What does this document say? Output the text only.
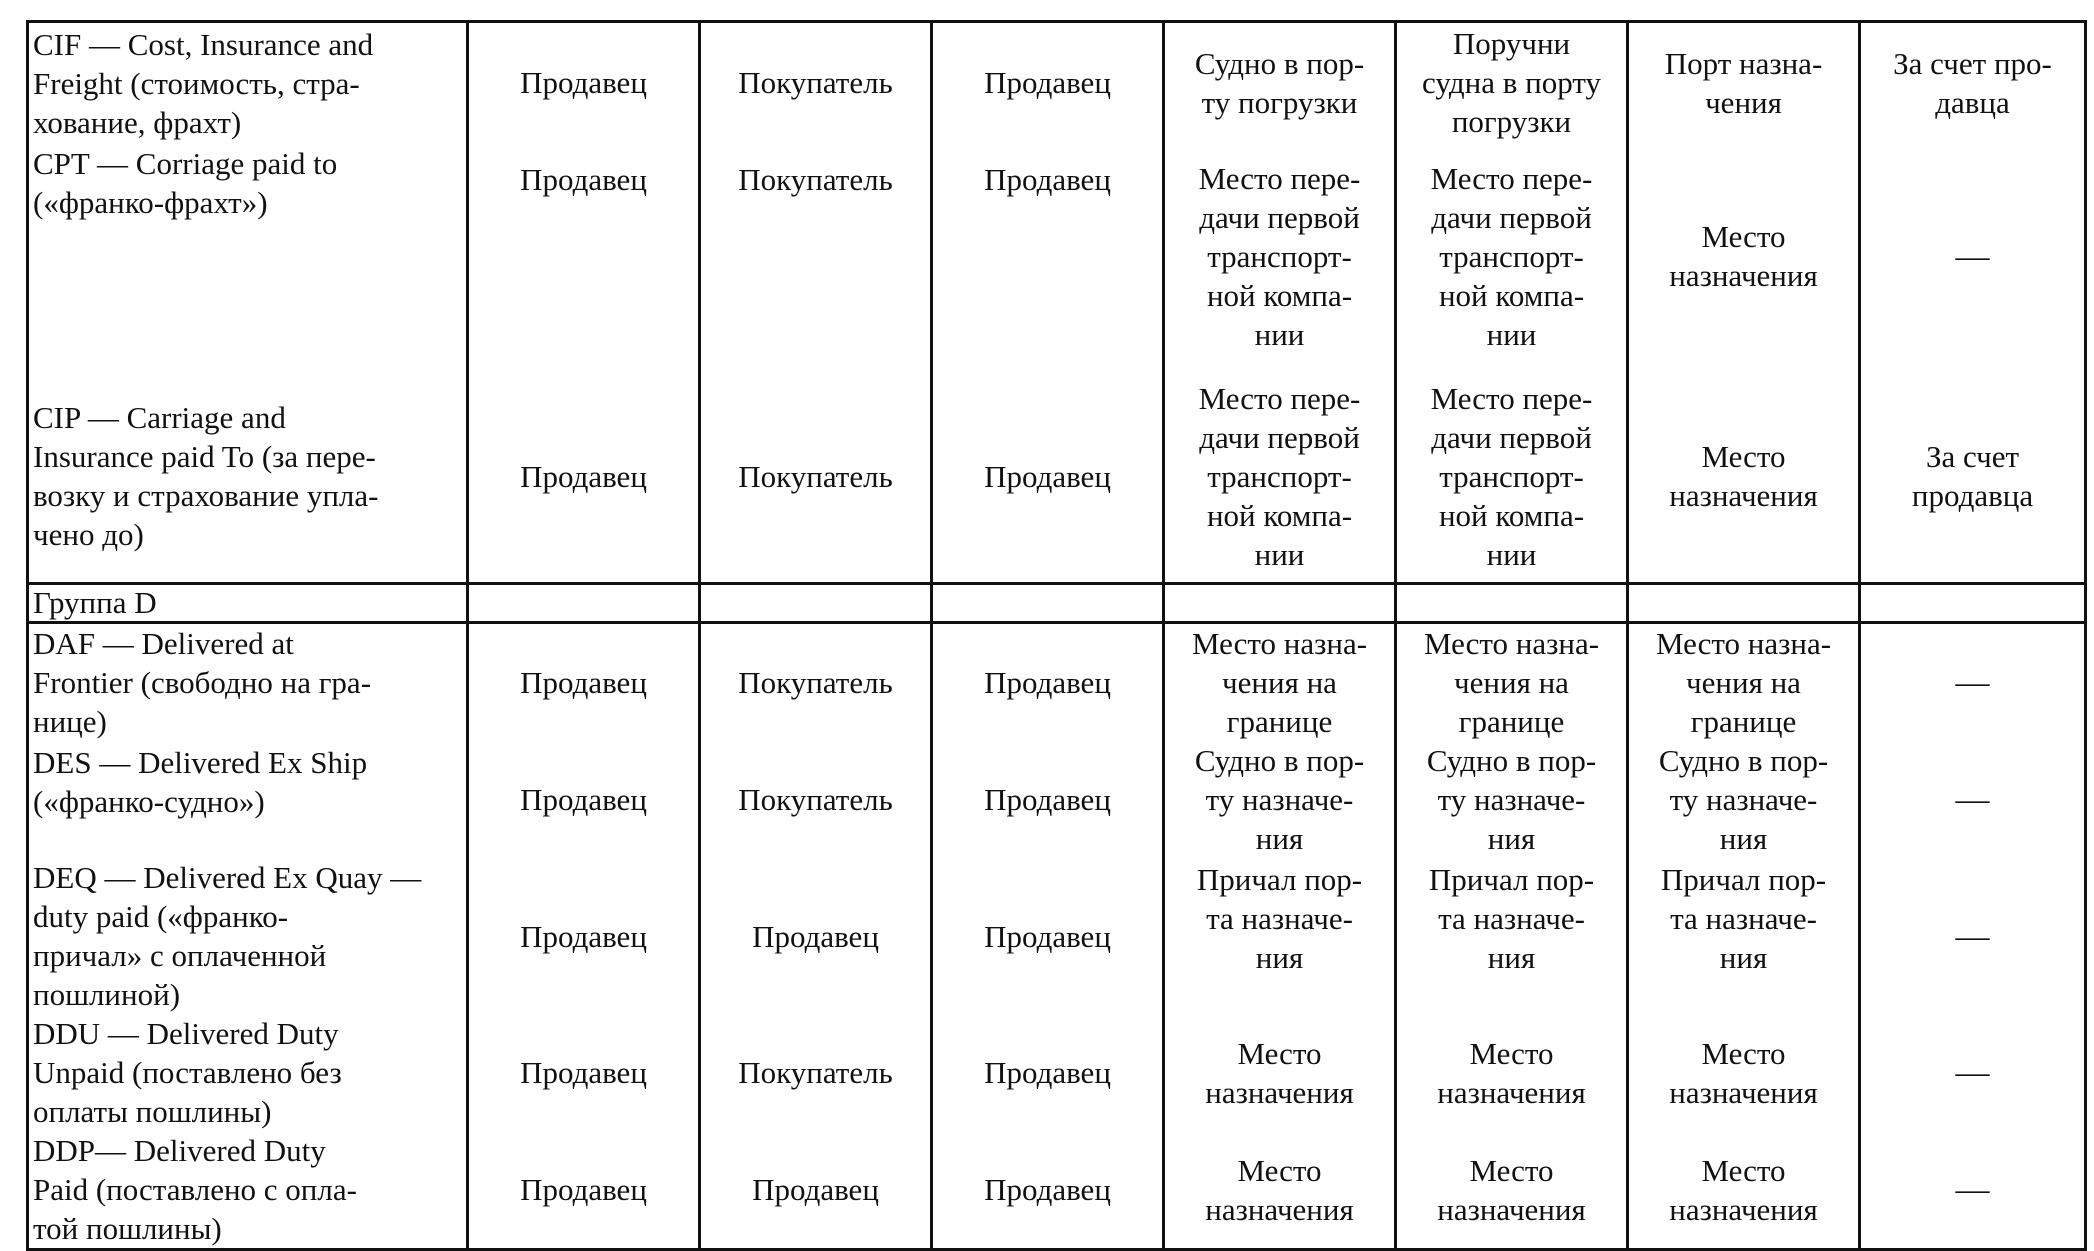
CIF — Cost, Insurance and
Freight (стоимость, стра-
хование, фрахт)	Продавец	Покупатель	Продавец	Судно в пор-
ту погрузки	Поручни
судна в порту
погрузки	Порт назна-
чения	За счет про-
давца
CPT — Corriage paid to
(«франко-фрахт»)	Продавец	Покупатель	Продавец	Место пере-
дачи первой
транспорт-
ной компа-
нии	Место пере-
дачи первой
транспорт-
ной компа-
нии	Место
назначения	—
CIP — Carriage and
Insurance paid To (за пере-
возку и страхование упла-
чено до)	Продавец	Покупатель	Продавец	Место пере-
дачи первой
транспорт-
ной компа-
нии	Место пере-
дачи первой
транспорт-
ной компа-
нии	Место
назначения	За счет
продавца
Группа D							
DAF — Delivered at
Frontier (свободно на гра-
нице)	Продавец	Покупатель	Продавец	Место назна-
чения на
границе	Место назна-
чения на
границе	Место назна-
чения на
границе	—
DES — Delivered Ex Ship
(«франко-судно»)	Продавец	Покупатель	Продавец	Судно в пор-
ту назначе-
ния	Судно в пор-
ту назначе-
ния	Судно в пор-
ту назначе-
ния	—
DEQ — Delivered Ex Quay —
duty paid («франко-
причал» с оплаченной
пошлиной)	Продавец	Продавец	Продавец	Причал пор-
та назначе-
ния	Причал пор-
та назначе-
ния	Причал пор-
та назначе-
ния	—
DDU — Delivered Duty
Unpaid (поставлено без
оплаты пошлины)	Продавец	Покупатель	Продавец	Место
назначения	Место
назначения	Место
назначения	—
DDP— Delivered Duty
Paid (поставлено с опла-
той пошлины)	Продавец	Продавец	Продавец	Место
назначения	Место
назначения	Место
назначения	—
